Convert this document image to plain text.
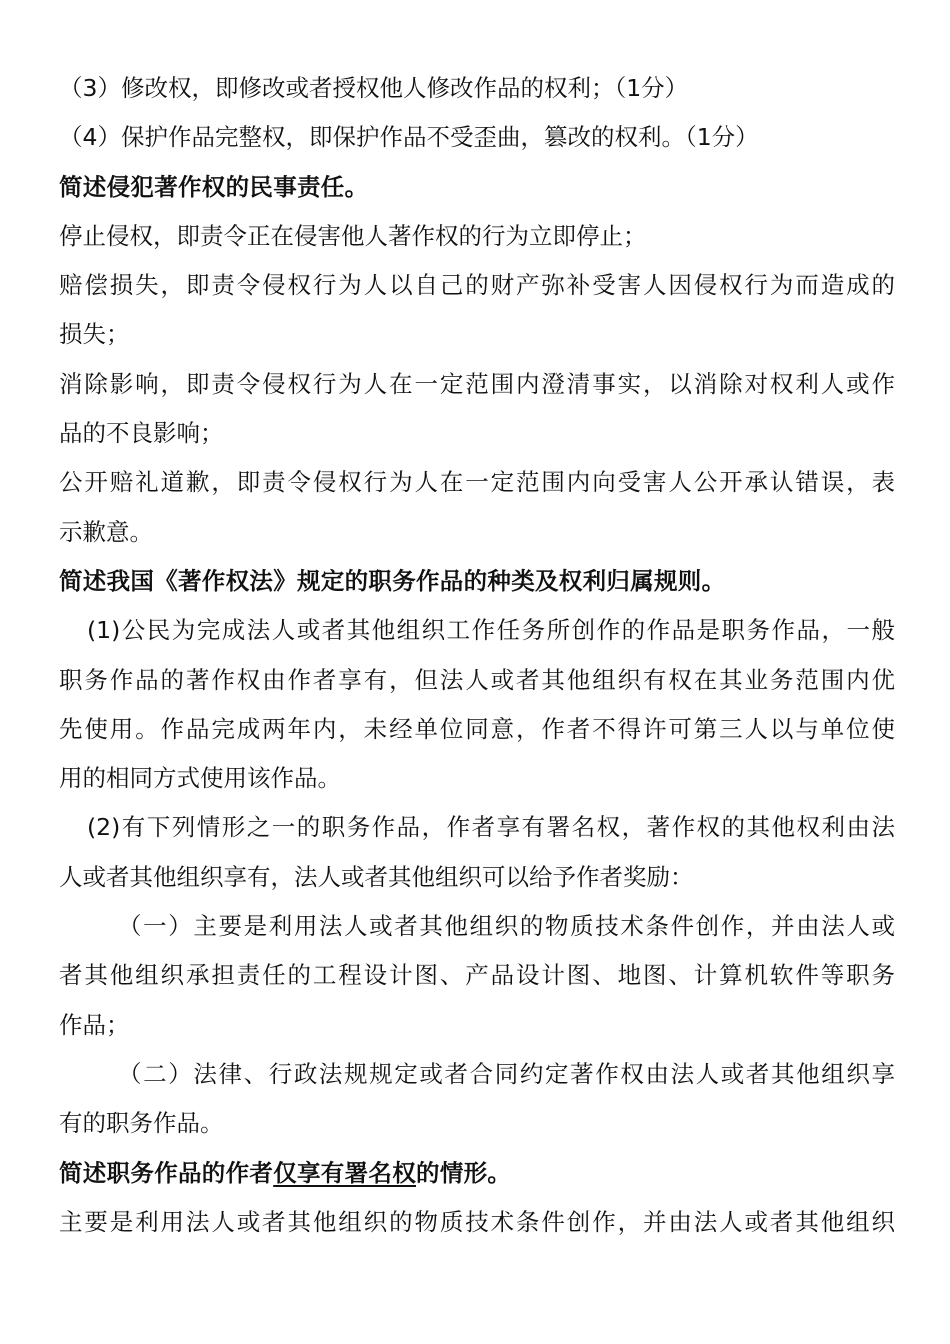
（3）修改权，即修改或者授权他人修改作品的权利；（1分）
（4）保护作品完整权，即保护作品不受歪曲，篡改的权利。（1分）
简述侵犯著作权的民事责任。
停止侵权，即责令正在侵害他人著作权的行为立即停止；
赔偿损失，即责令侵权行为人以自己的财产弥补受害人因侵权行为而造成的
损失；
消除影响，即责令侵权行为人在一定范围内澄清事实，以消除对权利人或作
品的不良影响；
公开赔礼道歉，即责令侵权行为人在一定范围内向受害人公开承认错误，表
示歉意。
简述我国《著作权法》规定的职务作品的种类及权利归属规则。
(1)公民为完成法人或者其他组织工作任务所创作的作品是职务作品，一般
职务作品的著作权由作者享有，但法人或者其他组织有权在其业务范围内优
先使用。作品完成两年内，未经单位同意，作者不得许可第三人以与单位使
用的相同方式使用该作品。
(2)有下列情形之一的职务作品，作者享有署名权，著作权的其他权利由法
人或者其他组织享有，法人或者其他组织可以给予作者奖励：
（一）主要是利用法人或者其他组织的物质技术条件创作，并由法人或
者其他组织承担责任的工程设计图、产品设计图、地图、计算机软件等职务
作品；
（二）法律、行政法规规定或者合同约定著作权由法人或者其他组织享
有的职务作品。
简述职务作品的作者仅享有署名权的情形。
主要是利用法人或者其他组织的物质技术条件创作，并由法人或者其他组织
